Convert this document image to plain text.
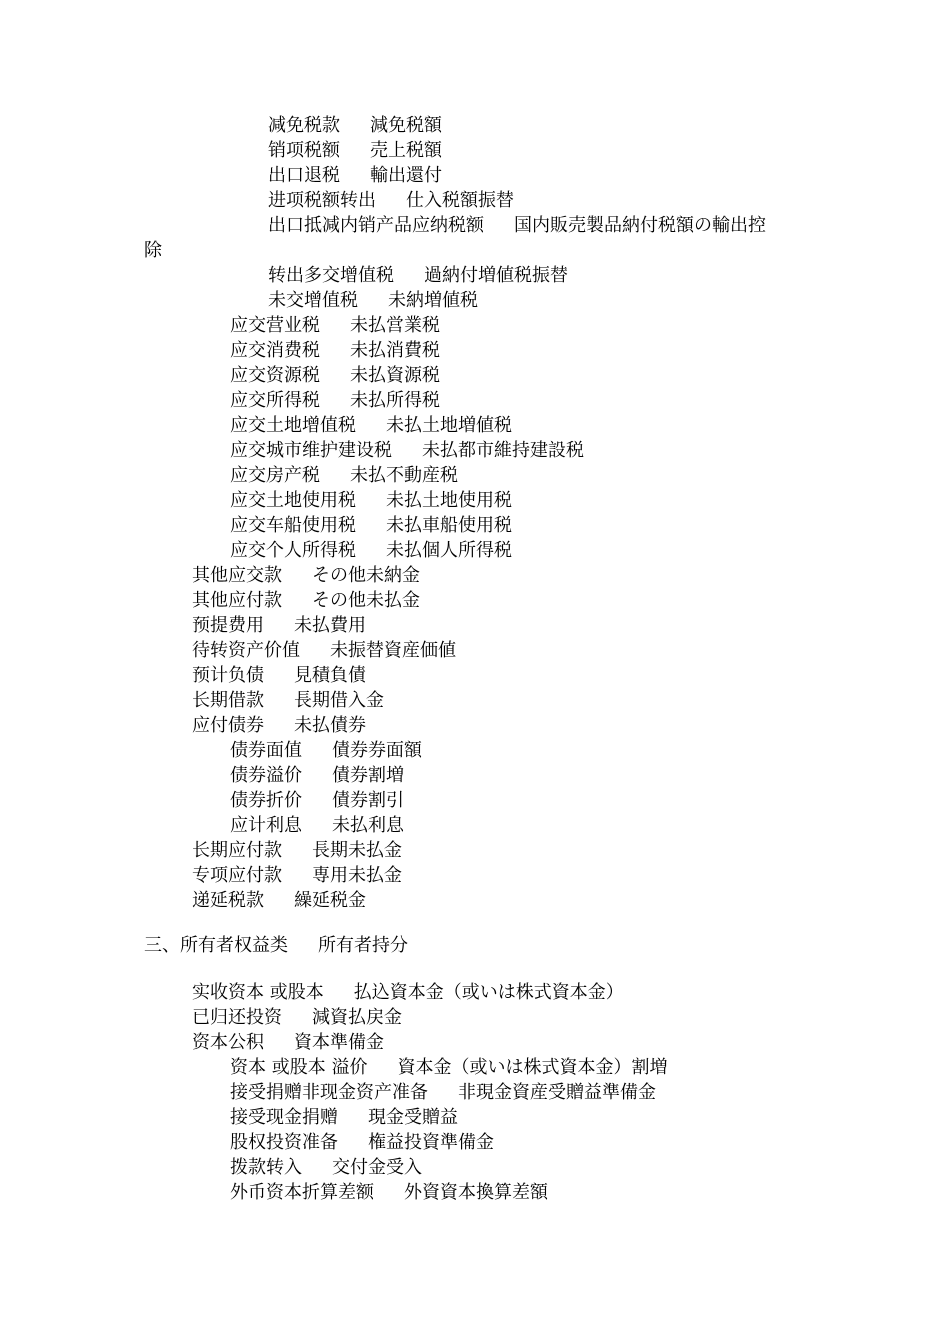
减免税款 減免税額
销项税额 売上税額
出口退税 輸出還付
进项税额转出 仕入税額振替
出口抵减内销产品应纳税额 国内販売製品納付税額の輸出控
除
转出多交增值税 過納付増値税振替
未交增值税 未納増値税
应交营业税 未払営業税
应交消费税 未払消費税
应交资源税 未払資源税
应交所得税 未払所得税
应交土地增值税 未払土地増値税
应交城市维护建设税 未払都市維持建設税
应交房产税 未払不動産税
应交土地使用税 未払土地使用税
应交车船使用税 未払車船使用税
应交个人所得税 未払個人所得税
其他应交款 その他未納金
其他应付款 その他未払金
预提费用 未払費用
待转资产价值 未振替資産価値
预计负债 見積負債
长期借款 長期借入金
应付债券 未払債券
债券面值 債券券面額
债券溢价 債券割増
债券折价 債券割引
应计利息 未払利息
长期应付款 長期未払金
专项应付款 専用未払金
递延税款 繰延税金
三、所有者权益类 所有者持分
实收资本 或股本 払込資本金（或いは株式資本金）
已归还投资 減資払戻金
资本公积 資本準備金
资本 或股本 溢价 資本金（或いは株式資本金）割増
接受捐赠非现金资产准备 非現金資産受贈益準備金
接受现金捐赠 現金受贈益
股权投资准备 権益投資準備金
拨款转入 交付金受入
外币资本折算差额 外資資本換算差額
